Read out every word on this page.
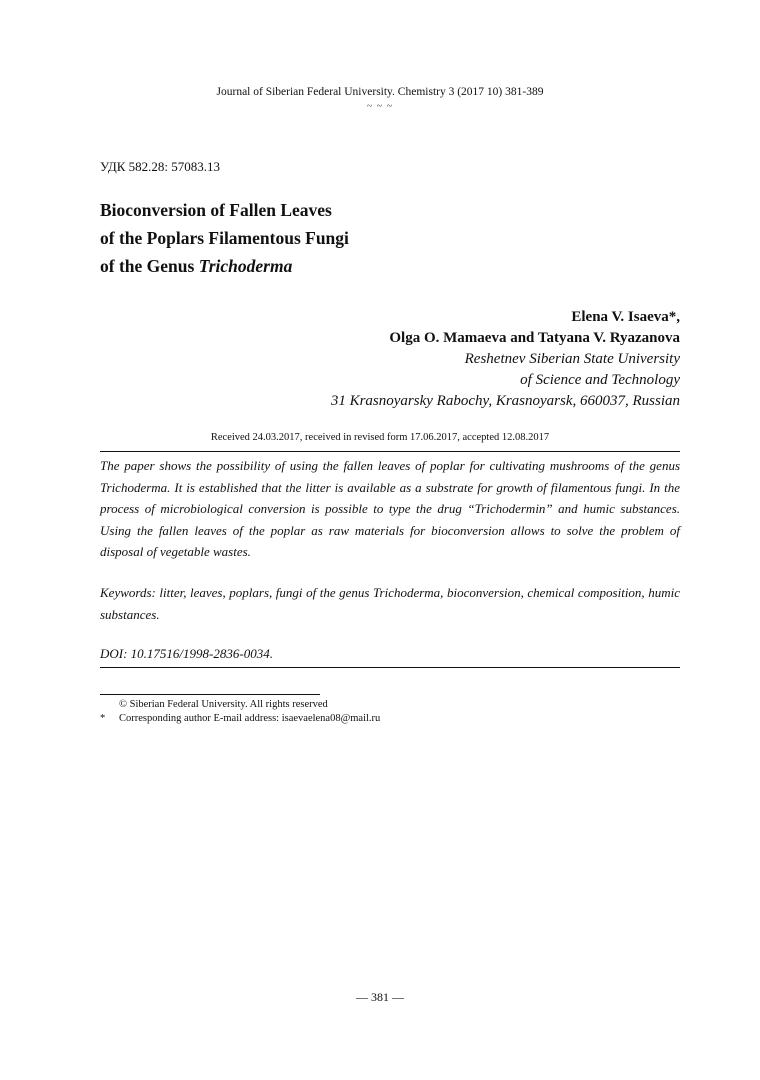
Journal of Siberian Federal University. Chemistry 3 (2017 10) 381-389
~ ~ ~
УДК 582.28: 57083.13
Bioconversion of Fallen Leaves
of the Poplars Filamentous Fungi
of the Genus Trichoderma
Elena V. Isaeva*,
Olga O. Mamaeva and Tatyana V. Ryazanova
Reshetnev Siberian State University
of Science and Technology
31 Krasnoyarsky Rabochy, Krasnoyarsk, 660037, Russian
Received 24.03.2017, received in revised form 17.06.2017, accepted 12.08.2017
The paper shows the possibility of using the fallen leaves of poplar for cultivating mushrooms of the genus Trichoderma. It is established that the litter is available as a substrate for growth of filamentous fungi. In the process of microbiological conversion is possible to type the drug “Trichodermin” and humic substances. Using the fallen leaves of the poplar as raw materials for bioconversion allows to solve the problem of disposal of vegetable wastes.
Keywords: litter, leaves, poplars, fungi of the genus Trichoderma, bioconversion, chemical composition, humic substances.
DOI: 10.17516/1998-2836-0034.
© Siberian Federal University. All rights reserved
* Corresponding author E-mail address: isaevaelena08@mail.ru
— 381 —
